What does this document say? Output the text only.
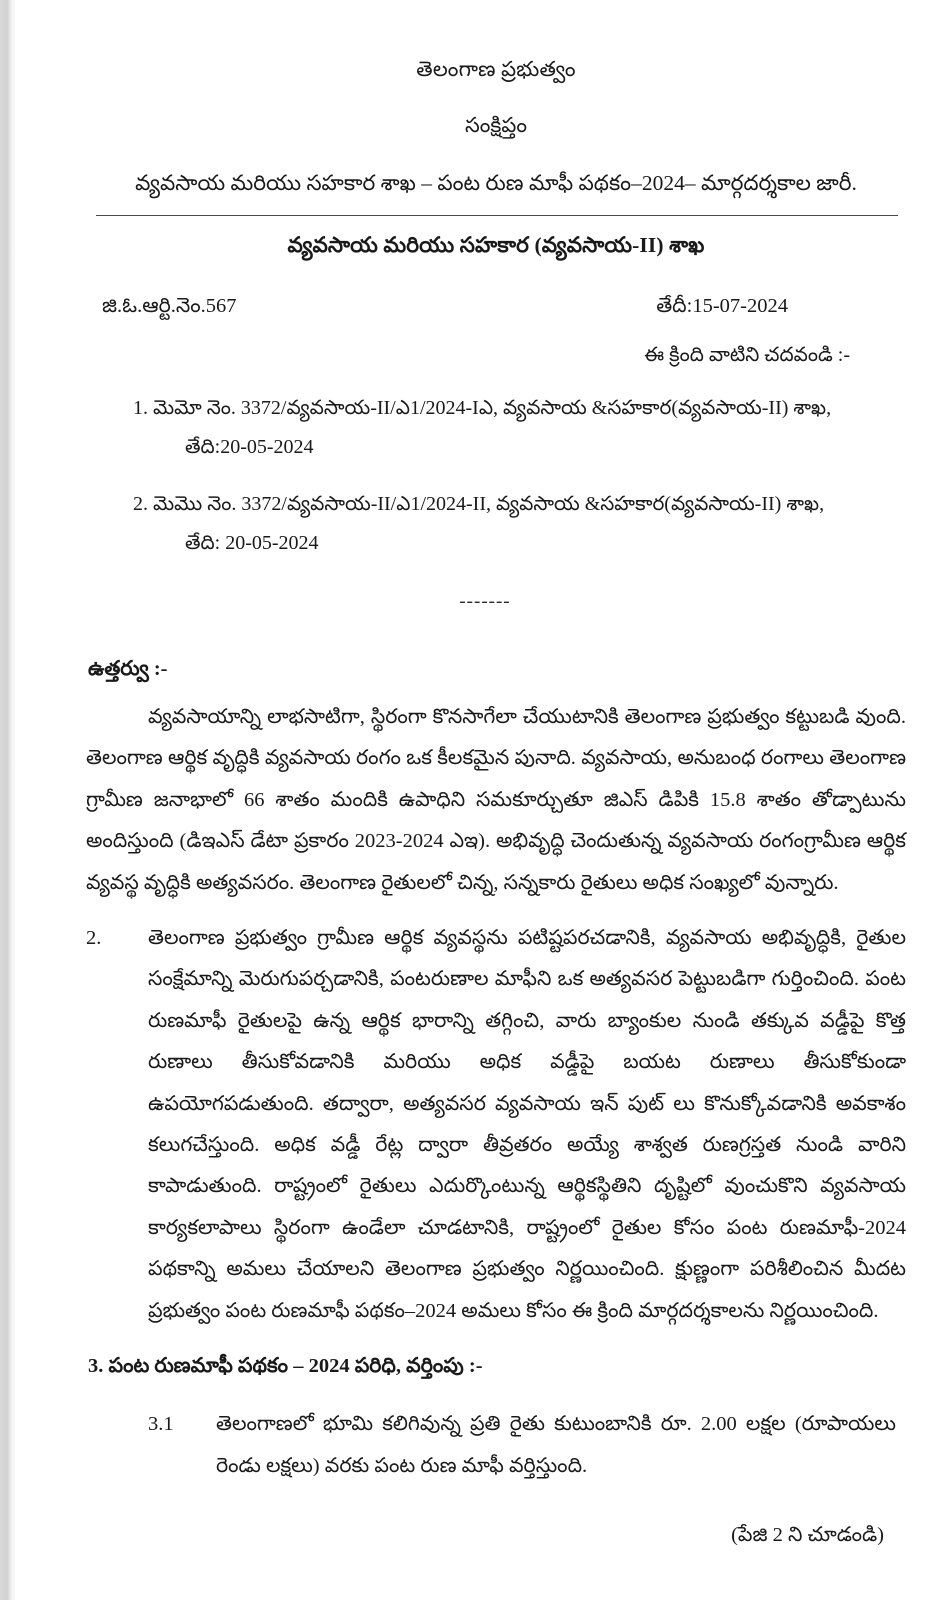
తెలంగాణ ప్రభుత్వం
సంక్షిప్తం
వ్యవసాయ మరియు సహకార శాఖ – పంట రుణ మాఫీ పథకం–2024– మార్గదర్శకాల జారీ.
వ్యవసాయ మరియు సహకార (వ్యవసాయ-II) శాఖ
జి.ఓ.ఆర్టి.నెం.567	తేదీ:15-07-2024
ఈ క్రింది వాటిని చదవండి :-
1. మెమో నెం. 3372/వ్యవసాయ-II/ఎ1/2024-Iఎ, వ్యవసాయ &సహకార(వ్యవసాయ-II) శాఖ,
తేది:20-05-2024
2. మెమొ నెం. 3372/వ్యవసాయ-II/ఎ1/2024-II, వ్యవసాయ &సహకార(వ్యవసాయ-II) శాఖ,
తేది: 20-05-2024
-------
ఉత్తర్వు :-

వ్యవసాయాన్ని లాభసాటిగా, స్థిరంగా కొనసాగేలా చేయుటానికి తెలంగాణ ప్రభుత్వం కట్టుబడి వుంది. తెలంగాణ ఆర్థిక వృద్ధికి వ్యవసాయ రంగం ఒక కీలకమైన పునాది. వ్యవసాయ, అనుబంధ రంగాలు తెలంగాణ గ్రామీణ జనాభాలో 66 శాతం మందికి ఉపాధిని సమకూర్చుతూ జిఎస్ డిపికి 15.8 శాతం తోడ్పాటును అందిస్తుంది (డిఇఎస్ డేటా ప్రకారం 2023-2024 ఎఇ). అభివృద్ధి చెందుతున్న వ్యవసాయ రంగంగ్రామీణ ఆర్థిక వ్యవస్థ వృద్ధికి అత్యవసరం. తెలంగాణ రైతులలో చిన్న, సన్నకారు రైతులు అధిక సంఖ్యలో వున్నారు.

2.	తెలంగాణ ప్రభుత్వం గ్రామీణ ఆర్థిక వ్యవస్థను పటిష్టపరచడానికి, వ్యవసాయ అభివృద్ధికి, రైతుల సంక్షేమాన్ని మెరుగుపర్చడానికి, పంటరుణాల మాఫీని ఒక అత్యవసర పెట్టుబడిగా గుర్తించింది. పంట రుణమాఫీ రైతులపై ఉన్న ఆర్థిక భారాన్ని తగ్గించి, వారు బ్యాంకుల నుండి తక్కువ వడ్డీపై కొత్త రుణాలు తీసుకోవడానికి మరియు అధిక వడ్డీపై బయట రుణాలు తీసుకోకుండా ఉపయోగపడుతుంది. తద్వారా, అత్యవసర వ్యవసాయ ఇన్ పుట్ లు కొనుక్కోవడానికి అవకాశం కలుగచేస్తుంది. అధిక వడ్డీ రేట్ల ద్వారా తీవ్రతరం అయ్యే శాశ్వత రుణగ్రస్తత నుండి వారిని కాపాడుతుంది. రాష్ట్రంలో రైతులు ఎదుర్కొంటున్న ఆర్థికస్థితిని దృష్టిలో వుంచుకొని వ్యవసాయ కార్యకలాపాలు స్థిరంగా ఉండేలా చూడటానికి, రాష్ట్రంలో రైతుల కోసం పంట రుణమాఫీ-2024 పథకాన్ని అమలు చేయాలని తెలంగాణ ప్రభుత్వం నిర్ణయించింది. క్షుణ్ణంగా పరిశీలించిన మీదట ప్రభుత్వం పంట రుణమాఫీ పథకం–2024 అమలు కోసం ఈ క్రింది మార్గదర్శకాలను నిర్ణయించింది.
3. పంట రుణమాఫీ పథకం – 2024 పరిధి, వర్తింపు :-
3.1	తెలంగాణలో భూమి కలిగివున్న ప్రతి రైతు కుటుంబానికి రూ. 2.00 లక్షల (రూపాయలు రెండు లక్షలు) వరకు పంట రుణ మాఫీ వర్తిస్తుంది.
(పేజి 2 ని చూడండి)
